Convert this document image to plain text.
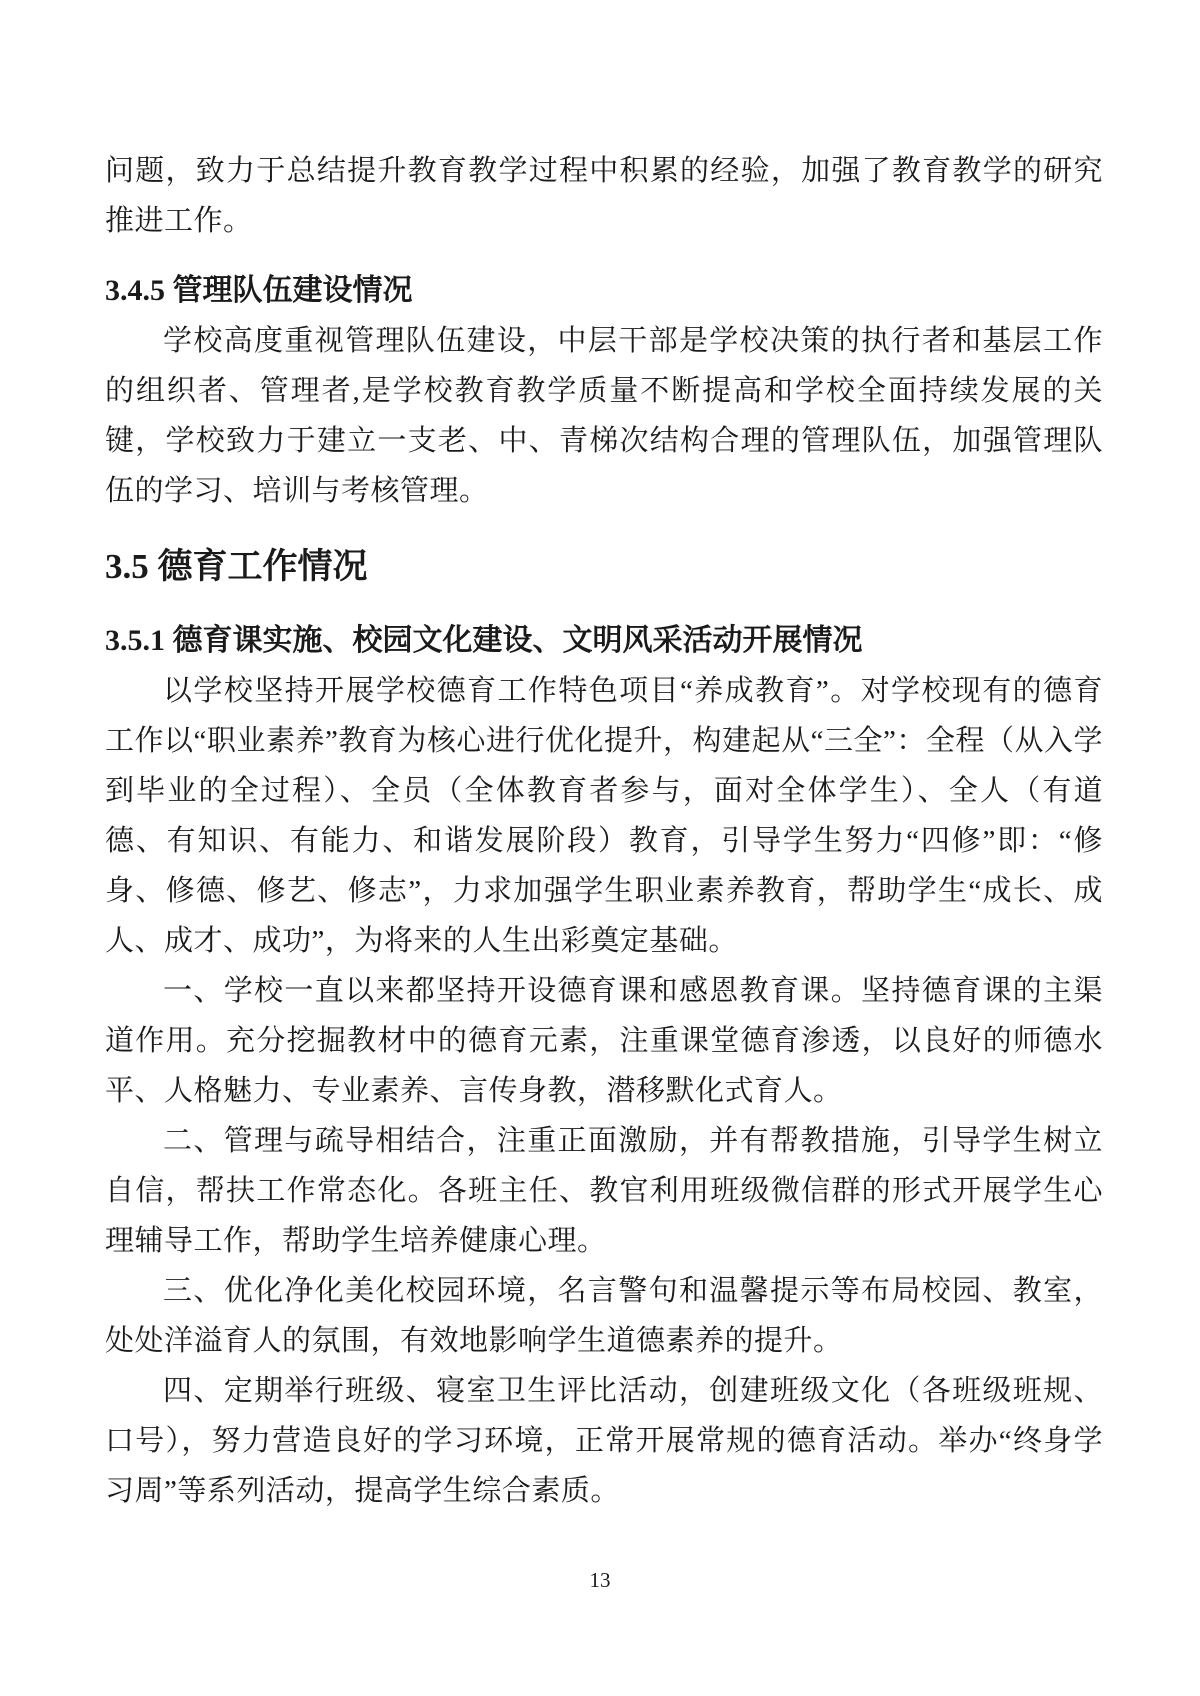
问题，致力于总结提升教育教学过程中积累的经验，加强了教育教学的研究推进工作。

3.4.5 管理队伍建设情况

学校高度重视管理队伍建设，中层干部是学校决策的执行者和基层工作的组织者、管理者,是学校教育教学质量不断提高和学校全面持续发展的关键，学校致力于建立一支老、中、青梯次结构合理的管理队伍，加强管理队伍的学习、培训与考核管理。

3.5 德育工作情况

3.5.1 德育课实施、校园文化建设、文明风采活动开展情况

以学校坚持开展学校德育工作特色项目“养成教育”。对学校现有的德育工作以“职业素养”教育为核心进行优化提升，构建起从“三全”：全程（从入学到毕业的全过程）、全员（全体教育者参与，面对全体学生）、全人（有道德、有知识、有能力、和谐发展阶段）教育，引导学生努力“四修”即：“修身、修德、修艺、修志”，力求加强学生职业素养教育，帮助学生“成长、成人、成才、成功”，为将来的人生出彩奠定基础。

一、学校一直以来都坚持开设德育课和感恩教育课。坚持德育课的主渠道作用。充分挖掘教材中的德育元素，注重课堂德育渗透，以良好的师德水平、人格魅力、专业素养、言传身教，潜移默化式育人。

二、管理与疏导相结合，注重正面激励，并有帮教措施，引导学生树立自信，帮扶工作常态化。各班主任、教官利用班级微信群的形式开展学生心理辅导工作，帮助学生培养健康心理。

三、优化净化美化校园环境，名言警句和温馨提示等布局校园、教室，处处洋溢育人的氛围，有效地影响学生道德素养的提升。

四、定期举行班级、寝室卫生评比活动，创建班级文化（各班级班规、口号），努力营造良好的学习环境，正常开展常规的德育活动。举办“终身学习周”等系列活动，提高学生综合素质。

13
